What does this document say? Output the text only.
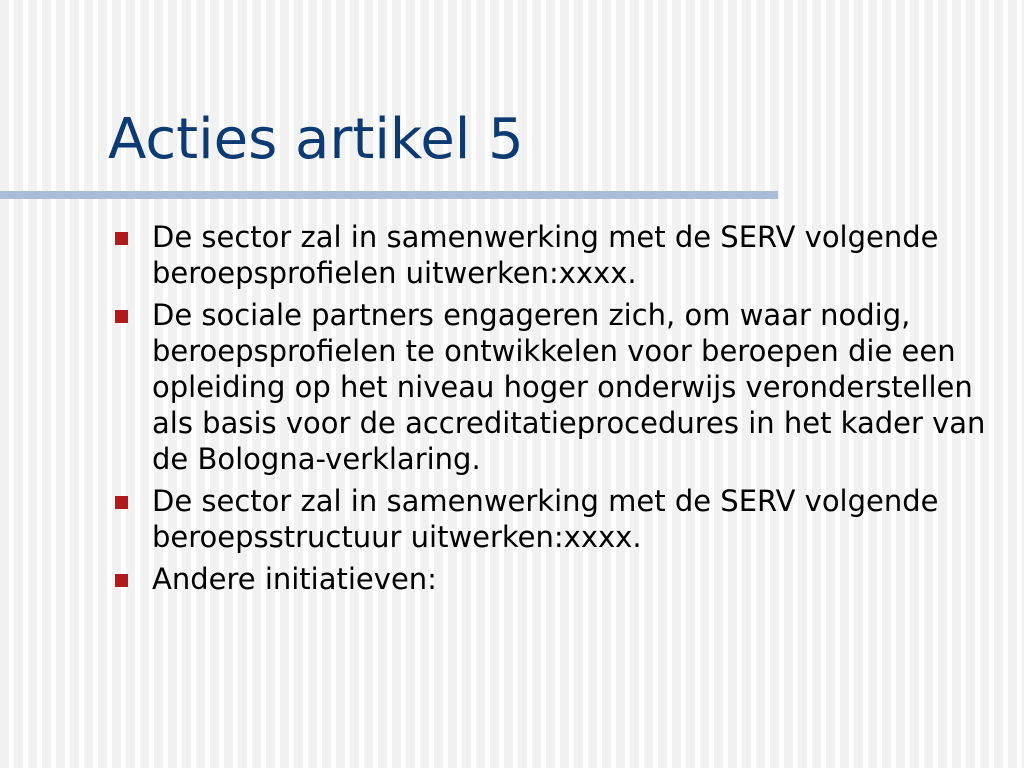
Acties artikel 5
De sector zal in samenwerking met de SERV volgende beroepsprofielen uitwerken:xxxx.
De sociale partners engageren zich, om waar nodig, beroepsprofielen te ontwikkelen voor beroepen die een opleiding op het niveau hoger onderwijs veronderstellen als basis voor de accreditatieprocedures in het kader van de Bologna-verklaring.
De sector zal in samenwerking met de SERV volgende beroepsstructuur uitwerken:xxxx.
Andere initiatieven:
